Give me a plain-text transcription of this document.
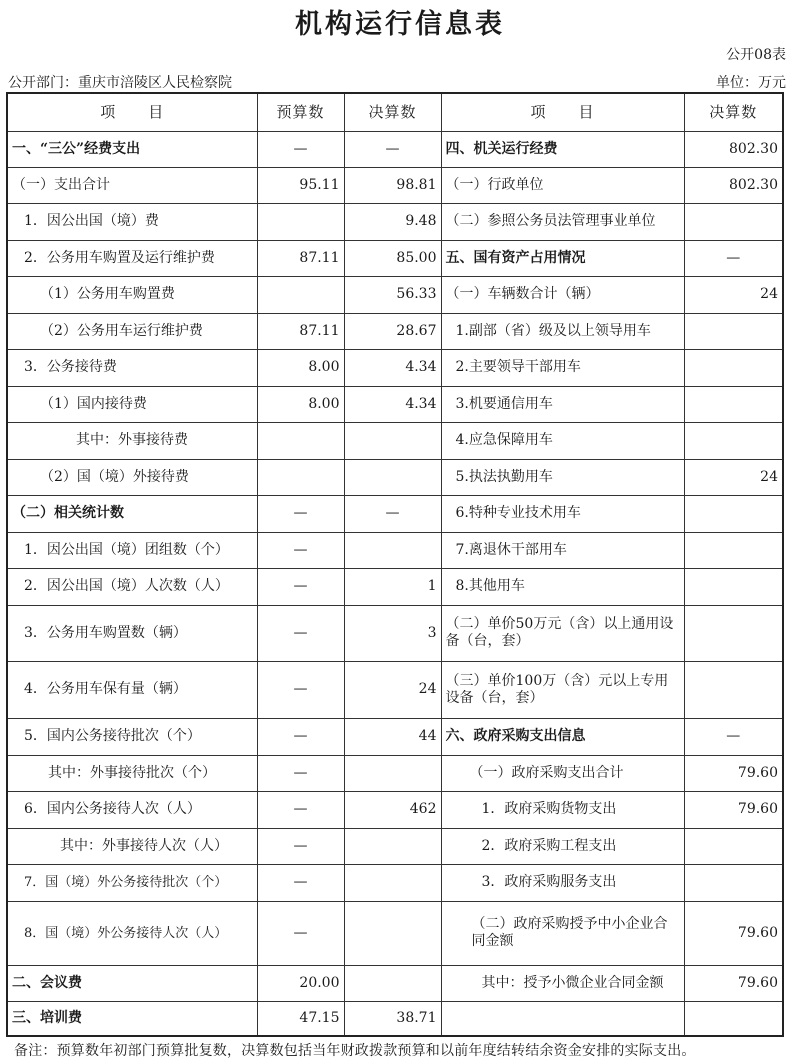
机构运行信息表
公开08表
公开部门：重庆市涪陵区人民检察院	单位：万元
项　　目	预算数	决算数	项　　目	决算数
一、“三公”经费支出	—	—	四、机关运行经费	802.30
（一）支出合计	95.11	98.81	（一）行政单位	802.30
1．因公出国（境）费		9.48	（二）参照公务员法管理事业单位	
2．公务用车购置及运行维护费	87.11	85.00	五、国有资产占用情况	—
（1）公务用车购置费		56.33	（一）车辆数合计（辆）	24
（2）公务用车运行维护费	87.11	28.67	1.副部（省）级及以上领导用车	
3．公务接待费	8.00	4.34	2.主要领导干部用车	
（1）国内接待费	8.00	4.34	3.机要通信用车	
其中：外事接待费			4.应急保障用车	
（2）国（境）外接待费			5.执法执勤用车	24
（二）相关统计数	—	—	6.特种专业技术用车	
1．因公出国（境）团组数（个）	—		7.离退休干部用车	
2．因公出国（境）人次数（人）	—	1	8.其他用车	
3．公务用车购置数（辆）	—	3	（二）单价50万元（含）以上通用设备（台，套）	
4．公务用车保有量（辆）	—	24	（三）单价100万（含）元以上专用设备（台，套）	
5．国内公务接待批次（个）	—	44	六、政府采购支出信息	—
其中：外事接待批次（个）	—		（一）政府采购支出合计	79.60
6．国内公务接待人次（人）	—	462	1．政府采购货物支出	79.60
其中：外事接待人次（人）	—		2．政府采购工程支出	
7．国（境）外公务接待批次（个）	—		3．政府采购服务支出	
8．国（境）外公务接待人次（人）	—		（二）政府采购授予中小企业合同金额	79.60
二、会议费	20.00		其中：授予小微企业合同金额	79.60
三、培训费	47.15	38.71		
备注：预算数年初部门预算批复数，决算数包括当年财政拨款预算和以前年度结转结余资金安排的实际支出。
